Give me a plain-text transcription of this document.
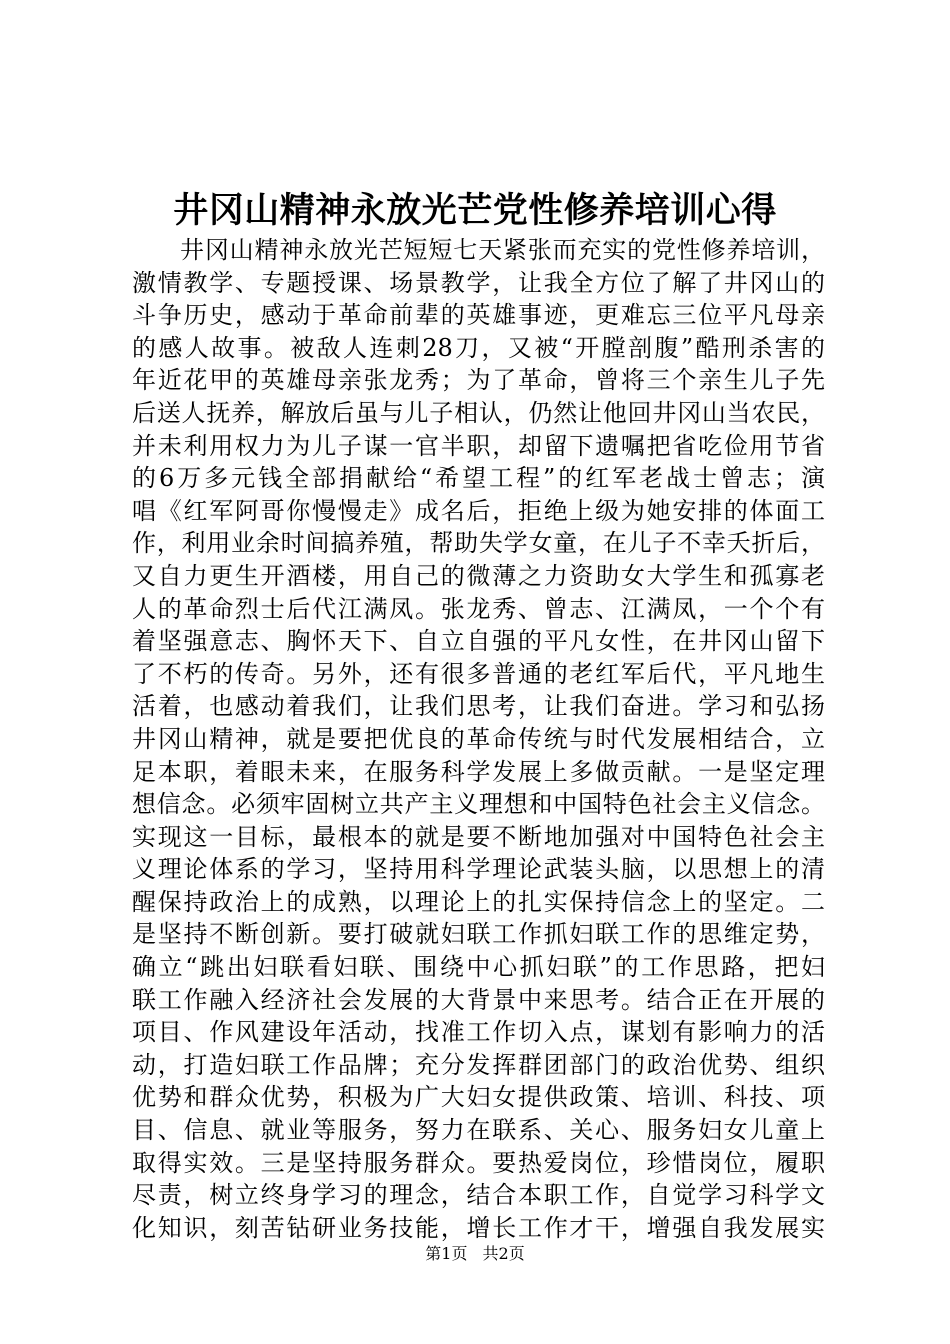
井冈山精神永放光芒党性修养培训心得
井冈山精神永放光芒短短七天紧张而充实的党性修养培训，
激情教学、专题授课、场景教学，让我全方位了解了井冈山的
斗争历史，感动于革命前辈的英雄事迹，更难忘三位平凡母亲
的感人故事。被敌人连刺28刀，又被“开膛剖腹”酷刑杀害的
年近花甲的英雄母亲张龙秀；为了革命，曾将三个亲生儿子先
后送人抚养，解放后虽与儿子相认，仍然让他回井冈山当农民，
并未利用权力为儿子谋一官半职，却留下遗嘱把省吃俭用节省
的6万多元钱全部捐献给“希望工程”的红军老战士曾志；演
唱《红军阿哥你慢慢走》成名后，拒绝上级为她安排的体面工
作，利用业余时间搞养殖，帮助失学女童，在儿子不幸夭折后，
又自力更生开酒楼，用自己的微薄之力资助女大学生和孤寡老
人的革命烈士后代江满凤。张龙秀、曾志、江满凤，一个个有
着坚强意志、胸怀天下、自立自强的平凡女性，在井冈山留下
了不朽的传奇。另外，还有很多普通的老红军后代，平凡地生
活着，也感动着我们，让我们思考，让我们奋进。学习和弘扬
井冈山精神，就是要把优良的革命传统与时代发展相结合，立
足本职，着眼未来，在服务科学发展上多做贡献。一是坚定理
想信念。必须牢固树立共产主义理想和中国特色社会主义信念。
实现这一目标，最根本的就是要不断地加强对中国特色社会主
义理论体系的学习，坚持用科学理论武装头脑，以思想上的清
醒保持政治上的成熟，以理论上的扎实保持信念上的坚定。二
是坚持不断创新。要打破就妇联工作抓妇联工作的思维定势，
确立“跳出妇联看妇联、围绕中心抓妇联”的工作思路，把妇
联工作融入经济社会发展的大背景中来思考。结合正在开展的
项目、作风建设年活动，找准工作切入点，谋划有影响力的活
动，打造妇联工作品牌；充分发挥群团部门的政治优势、组织
优势和群众优势，积极为广大妇女提供政策、培训、科技、项
目、信息、就业等服务，努力在联系、关心、服务妇女儿童上
取得实效。三是坚持服务群众。要热爱岗位，珍惜岗位，履职
尽责，树立终身学习的理念，结合本职工作，自觉学习科学文
化知识，刻苦钻研业务技能，增长工作才干，增强自我发展实
第1页 共2页
